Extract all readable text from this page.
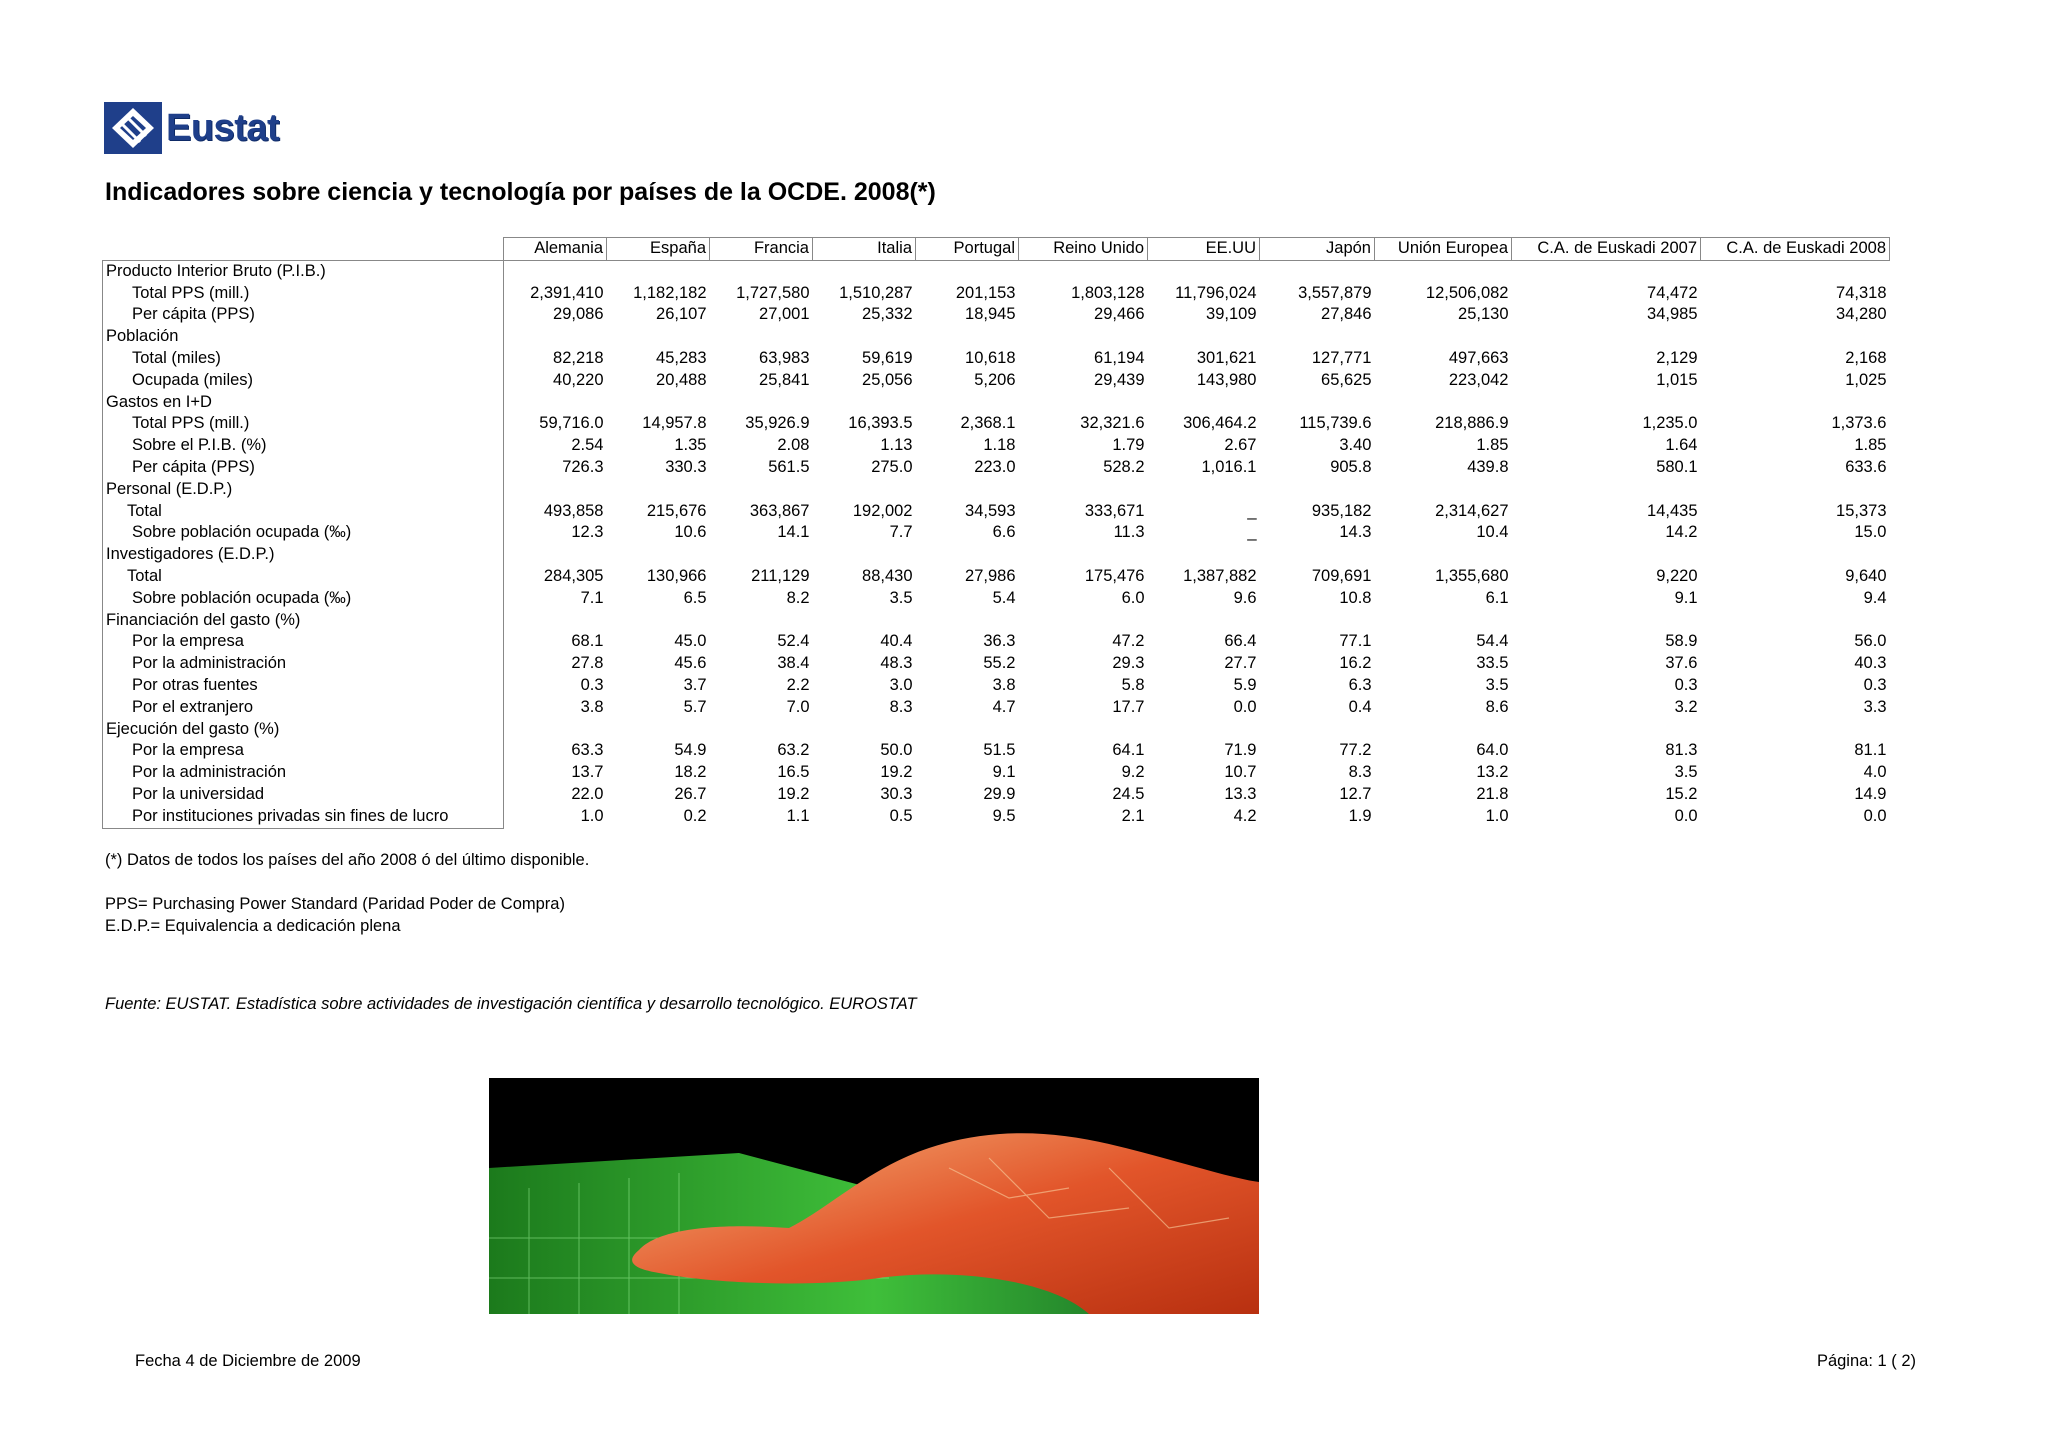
Eustat
Indicadores sobre ciencia y tecnología por países de la OCDE. 2008(*)
	Alemania	España	Francia	Italia	Portugal	Reino Unido	EE.UU	Japón	Unión Europea	C.A. de Euskadi 2007	C.A. de Euskadi 2008
Producto Interior Bruto (P.I.B.)											
Total PPS (mill.)	2,391,410	1,182,182	1,727,580	1,510,287	201,153	1,803,128	11,796,024	3,557,879	12,506,082	74,472	74,318
Per cápita (PPS)	29,086	26,107	27,001	25,332	18,945	29,466	39,109	27,846	25,130	34,985	34,280
Población											
Total (miles)	82,218	45,283	63,983	59,619	10,618	61,194	301,621	127,771	497,663	2,129	2,168
Ocupada (miles)	40,220	20,488	25,841	25,056	5,206	29,439	143,980	65,625	223,042	1,015	1,025
Gastos en I+D											
Total PPS (mill.)	59,716.0	14,957.8	35,926.9	16,393.5	2,368.1	32,321.6	306,464.2	115,739.6	218,886.9	1,235.0	1,373.6
Sobre el P.I.B. (%)	2.54	1.35	2.08	1.13	1.18	1.79	2.67	3.40	1.85	1.64	1.85
Per cápita (PPS)	726.3	330.3	561.5	275.0	223.0	528.2	1,016.1	905.8	439.8	580.1	633.6
Personal (E.D.P.)											
Total	493,858	215,676	363,867	192,002	34,593	333,671	_	935,182	2,314,627	14,435	15,373
Sobre población ocupada (‰)	12.3	10.6	14.1	7.7	6.6	11.3	_	14.3	10.4	14.2	15.0
Investigadores (E.D.P.)											
Total	284,305	130,966	211,129	88,430	27,986	175,476	1,387,882	709,691	1,355,680	9,220	9,640
Sobre población ocupada (‰)	7.1	6.5	8.2	3.5	5.4	6.0	9.6	10.8	6.1	9.1	9.4
Financiación del gasto (%)											
Por la empresa	68.1	45.0	52.4	40.4	36.3	47.2	66.4	77.1	54.4	58.9	56.0
Por la administración	27.8	45.6	38.4	48.3	55.2	29.3	27.7	16.2	33.5	37.6	40.3
Por otras fuentes	0.3	3.7	2.2	3.0	3.8	5.8	5.9	6.3	3.5	0.3	0.3
Por el extranjero	3.8	5.7	7.0	8.3	4.7	17.7	0.0	0.4	8.6	3.2	3.3
Ejecución del gasto (%)											
Por la empresa	63.3	54.9	63.2	50.0	51.5	64.1	71.9	77.2	64.0	81.3	81.1
Por la administración	13.7	18.2	16.5	19.2	9.1	9.2	10.7	8.3	13.2	3.5	4.0
Por la universidad	22.0	26.7	19.2	30.3	29.9	24.5	13.3	12.7	21.8	15.2	14.9
Por instituciones privadas sin fines de lucro	1.0	0.2	1.1	0.5	9.5	2.1	4.2	1.9	1.0	0.0	0.0
(*) Datos de todos los países del año 2008 ó del último disponible.
PPS= Purchasing Power Standard (Paridad Poder de Compra)
E.D.P.= Equivalencia a dedicación plena
Fuente: EUSTAT. Estadística sobre actividades de investigación científica y desarrollo tecnológico. EUROSTAT
Fecha 4 de Diciembre de 2009	Página: 1 ( 2)
